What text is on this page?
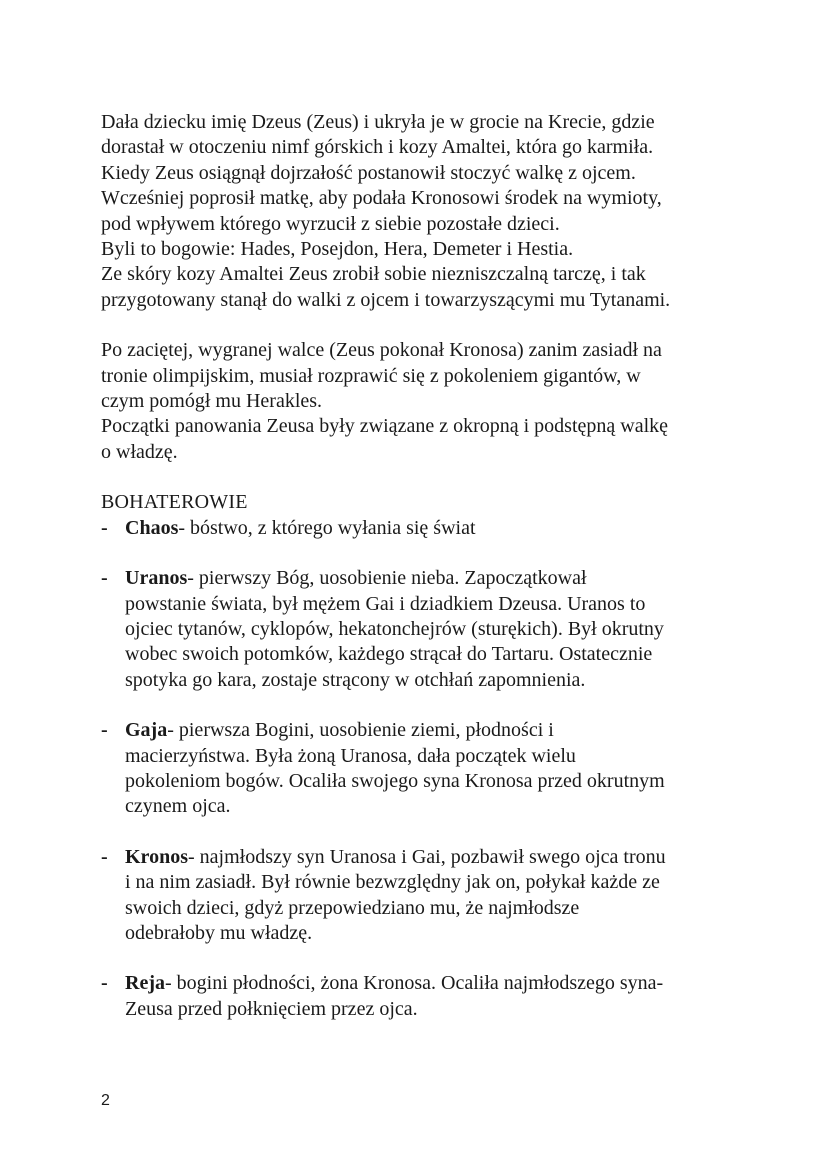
Dała dziecku imię Dzeus (Zeus) i ukryła je w grocie na Krecie, gdzie
dorastał w otoczeniu nimf górskich i kozy Amaltei, która go karmiła.
Kiedy Zeus osiągnął dojrzałość postanowił stoczyć walkę z ojcem.
Wcześniej poprosił matkę, aby podała Kronosowi środek na wymioty,
pod wpływem którego wyrzucił z siebie pozostałe dzieci.
Byli to bogowie: Hades, Posejdon, Hera, Demeter i Hestia.
Ze skóry kozy Amaltei Zeus zrobił sobie niezniszczalną tarczę, i tak
przygotowany stanął do walki z ojcem i towarzyszącymi mu Tytanami.

Po zaciętej, wygranej walce (Zeus pokonał Kronosa) zanim zasiadł na
tronie olimpijskim, musiał rozprawić się z pokoleniem gigantów, w
czym pomógł mu Herakles.
Początki panowania Zeusa były związane z okropną i podstępną walkę
o władzę.

BOHATEROWIE
- Chaos- bóstwo, z którego wyłania się świat
- Uranos- pierwszy Bóg, uosobienie nieba. Zapoczątkował
powstanie świata, był mężem Gai i dziadkiem Dzeusa. Uranos to
ojciec tytanów, cyklopów, hekatonchejrów (sturękich). Był okrutny
wobec swoich potomków, każdego strącał do Tartaru. Ostatecznie
spotyka go kara, zostaje strącony w otchłań zapomnienia.
- Gaja- pierwsza Bogini, uosobienie ziemi, płodności i
macierzyństwa. Była żoną Uranosa, dała początek wielu
pokoleniom bogów. Ocaliła swojego syna Kronosa przed okrutnym
czynem ojca.
- Kronos- najmłodszy syn Uranosa i Gai, pozbawił swego ojca tronu
i na nim zasiadł. Był równie bezwzględny jak on, połykał każde ze
swoich dzieci, gdyż przepowiedziano mu, że najmłodsze
odebrałoby mu władzę.
- Reja- bogini płodności, żona Kronosa. Ocaliła najmłodszego syna-
Zeusa przed połknięciem przez ojca.
2
